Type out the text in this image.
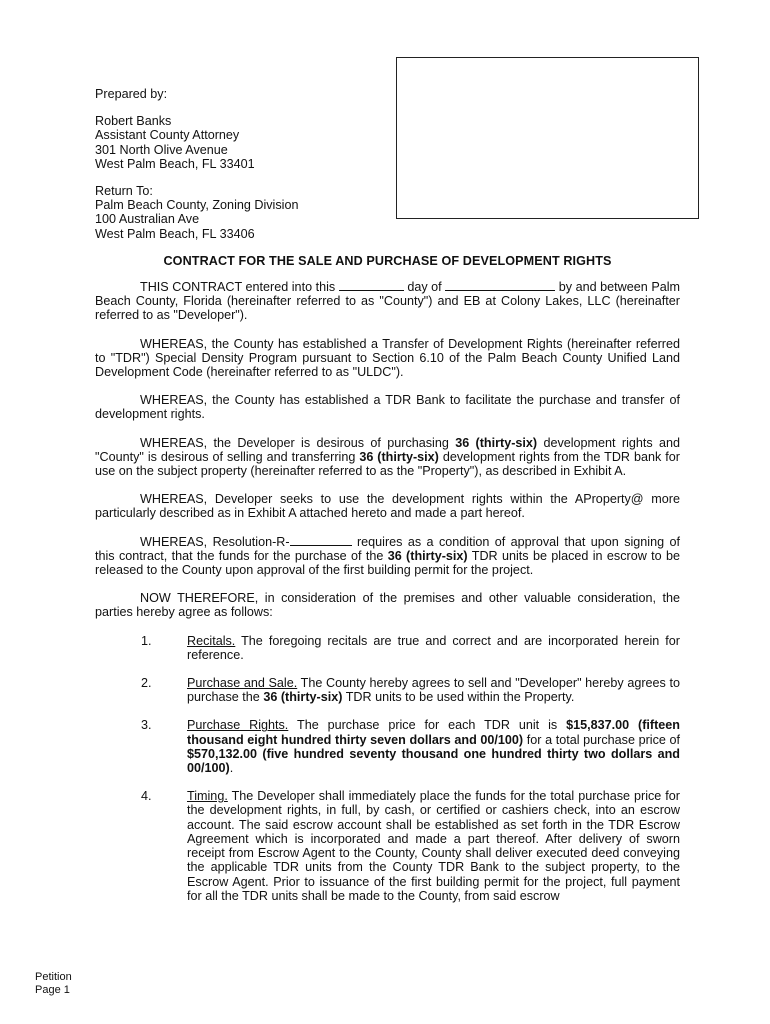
Prepared by:
Robert Banks
Assistant County Attorney
301 North Olive Avenue
West Palm Beach, FL 33401
Return To:
Palm Beach County, Zoning Division
100 Australian Ave
West Palm Beach, FL 33406
CONTRACT FOR THE SALE AND PURCHASE OF DEVELOPMENT RIGHTS

THIS CONTRACT entered into this	day of	by and between Palm Beach County, Florida (hereinafter referred to as "County") and EB at Colony Lakes, LLC (hereinafter referred to as "Developer").

WHEREAS, the County has established a Transfer of Development Rights (hereinafter referred to "TDR") Special Density Program pursuant to Section 6.10 of the Palm Beach County Unified Land Development Code (hereinafter referred to as "ULDC").

WHEREAS, the County has established a TDR Bank to facilitate the purchase and transfer of development rights.

WHEREAS, the Developer is desirous of purchasing 36 (thirty-six) development rights and "County" is desirous of selling and transferring 36 (thirty-six) development rights from the TDR bank for use on the subject property (hereinafter referred to as the "Property"), as described in Exhibit A.

WHEREAS, Developer seeks to use the development rights within the AProperty@ more particularly described as in Exhibit A attached hereto and made a part hereof.

WHEREAS, Resolution-R-	requires as a condition of approval that upon signing of this contract, that the funds for the purchase of the 36 (thirty-six) TDR units be placed in escrow to be released to the County upon approval of the first building permit for the project.

NOW THEREFORE, in consideration of the premises and other valuable consideration, the parties hereby agree as follows:

1.	Recitals. The foregoing recitals are true and correct and are incorporated herein for reference.
2.	Purchase and Sale. The County hereby agrees to sell and "Developer" hereby agrees to purchase the 36 (thirty-six) TDR units to be used within the Property.
3.	Purchase Rights. The purchase price for each TDR unit is $15,837.00 (fifteen thousand eight hundred thirty seven dollars and 00/100) for a total purchase price of $570,132.00 (five hundred seventy thousand one hundred thirty two dollars and 00/100).
4.	Timing. The Developer shall immediately place the funds for the total purchase price for the development rights, in full, by cash, or certified or cashiers check, into an escrow account. The said escrow account shall be established as set forth in the TDR Escrow Agreement which is incorporated and made a part thereof. After delivery of sworn receipt from Escrow Agent to the County, County shall deliver executed deed conveying the applicable TDR units from the County TDR Bank to the subject property, to the Escrow Agent. Prior to issuance of the first building permit for the project, full payment for all the TDR units shall be made to the County, from said escrow
Petition
Page 1
